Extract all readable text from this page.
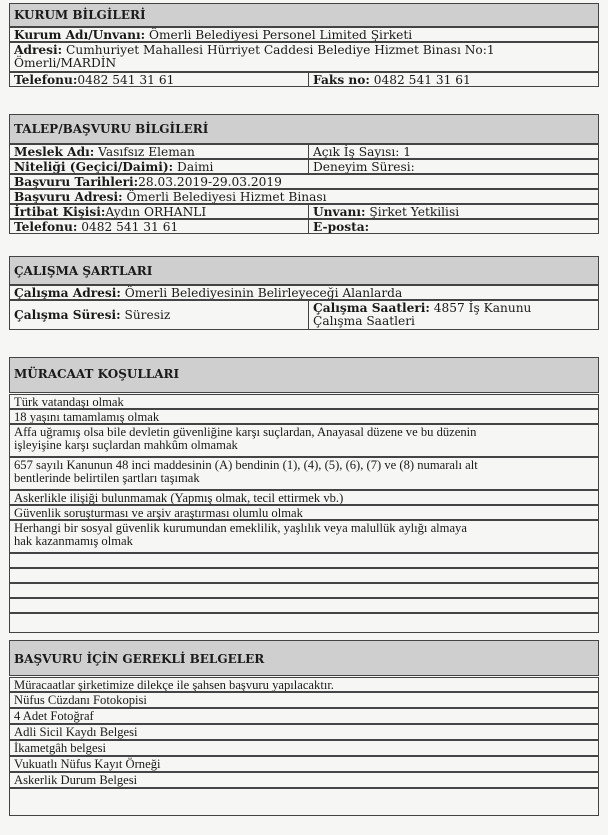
KURUM BİLGİLERİ
Kurum Adı/Unvanı: Ömerli Belediyesi Personel Limited Şirketi
Adresi: Cumhuriyet Mahallesi Hürriyet Caddesi Belediye Hizmet Binası No:1
Ömerli/MARDİN
Telefonu:0482 541 31 61	Faks no: 0482 541 31 61
TALEP/BAŞVURU BİLGİLERİ
Meslek Adı: Vasıfsız Eleman	Açık İş Sayısı: 1
Niteliği (Geçici/Daimi): Daimi	Deneyim Süresi:
Başvuru Tarihleri:28.03.2019-29.03.2019
Başvuru Adresi: Ömerli Belediyesi Hizmet Binası
İrtibat Kişisi:Aydın ORHANLI	Unvanı: Şirket Yetkilisi
Telefonu: 0482 541 31 61	E-posta:
ÇALIŞMA ŞARTLARI
Çalışma Adresi: Ömerli Belediyesinin Belirleyeceği Alanlarda
Çalışma Süresi: Süresiz	Çalışma Saatleri: 4857 İş Kanunu
Çalışma Saatleri
MÜRACAAT KOŞULLARI
Türk vatandaşı olmak
18 yaşını tamamlamış olmak
Affa uğramış olsa bile devletin güvenliğine karşı suçlardan, Anayasal düzene ve bu düzenin
işleyişine karşı suçlardan mahkûm olmamak
657 sayılı Kanunun 48 inci maddesinin (A) bendinin (1), (4), (5), (6), (7) ve (8) numaralı alt
bentlerinde belirtilen şartları taşımak
Askerlikle ilişiği bulunmamak (Yapmış olmak, tecil ettirmek vb.)
Güvenlik soruşturması ve arşiv araştırması olumlu olmak
Herhangi bir sosyal güvenlik kurumundan emeklilik, yaşlılık veya malullük aylığı almaya
hak kazanmamış olmak
BAŞVURU İÇİN GEREKLİ BELGELER
Müracaatlar şirketimize dilekçe ile şahsen başvuru yapılacaktır.
Nüfus Cüzdanı Fotokopisi
4 Adet Fotoğraf
Adli Sicil Kaydı Belgesi
İkametgâh belgesi
Vukuatlı Nüfus Kayıt Örneği
Askerlik Durum Belgesi
